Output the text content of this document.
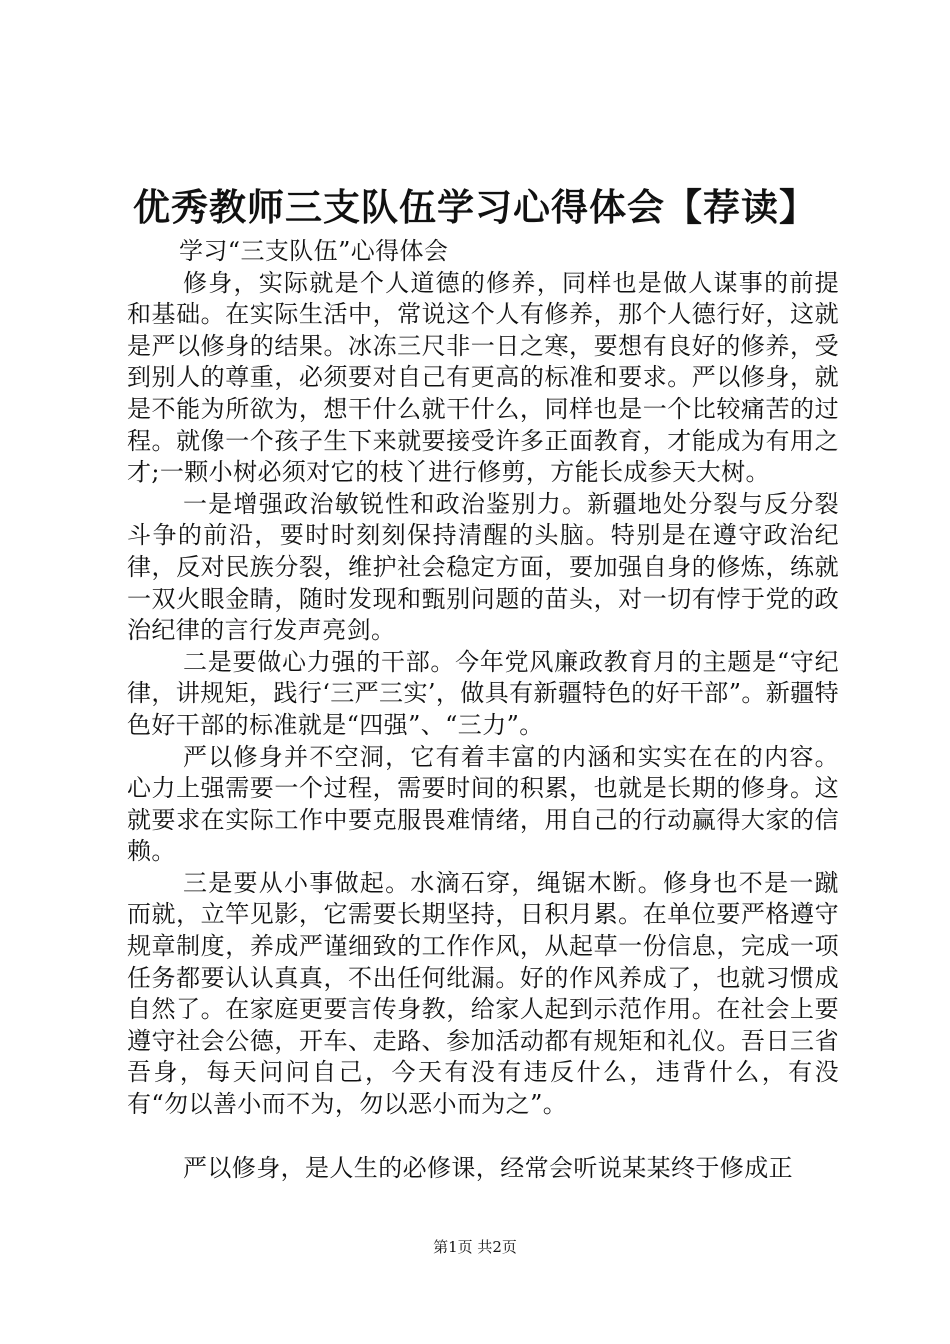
优秀教师三支队伍学习心得体会【荐读】

学习“三支队伍”心得体会

修身，实际就是个人道德的修养，同样也是做人谋事的前提和基础。在实际生活中，常说这个人有修养，那个人德行好，这就是严以修身的结果。冰冻三尺非一日之寒，要想有良好的修养，受到别人的尊重，必须要对自己有更高的标准和要求。严以修身，就是不能为所欲为，想干什么就干什么，同样也是一个比较痛苦的过程。就像一个孩子生下来就要接受许多正面教育，才能成为有用之才;一颗小树必须对它的枝丫进行修剪，方能长成参天大树。

一是增强政治敏锐性和政治鉴别力。新疆地处分裂与反分裂斗争的前沿，要时时刻刻保持清醒的头脑。特别是在遵守政治纪律，反对民族分裂，维护社会稳定方面，要加强自身的修炼，练就一双火眼金睛，随时发现和甄别问题的苗头，对一切有悖于党的政治纪律的言行发声亮剑。

二是要做心力强的干部。今年党风廉政教育月的主题是“守纪律，讲规矩，践行‘三严三实’，做具有新疆特色的好干部”。新疆特色好干部的标准就是“四强”、“三力”。

严以修身并不空洞，它有着丰富的内涵和实实在在的内容。心力上强需要一个过程，需要时间的积累，也就是长期的修身。这就要求在实际工作中要克服畏难情绪，用自己的行动赢得大家的信赖。

三是要从小事做起。水滴石穿，绳锯木断。修身也不是一蹴而就，立竿见影，它需要长期坚持，日积月累。在单位要严格遵守规章制度，养成严谨细致的工作作风，从起草一份信息，完成一项任务都要认认真真，不出任何纰漏。好的作风养成了，也就习惯成自然了。在家庭更要言传身教，给家人起到示范作用。在社会上要遵守社会公德，开车、走路、参加活动都有规矩和礼仪。吾日三省吾身，每天问问自己，今天有没有违反什么，违背什么，有没有“勿以善小而不为，勿以恶小而为之”。

严以修身，是人生的必修课，经常会听说某某终于修成正

第1页 共2页
